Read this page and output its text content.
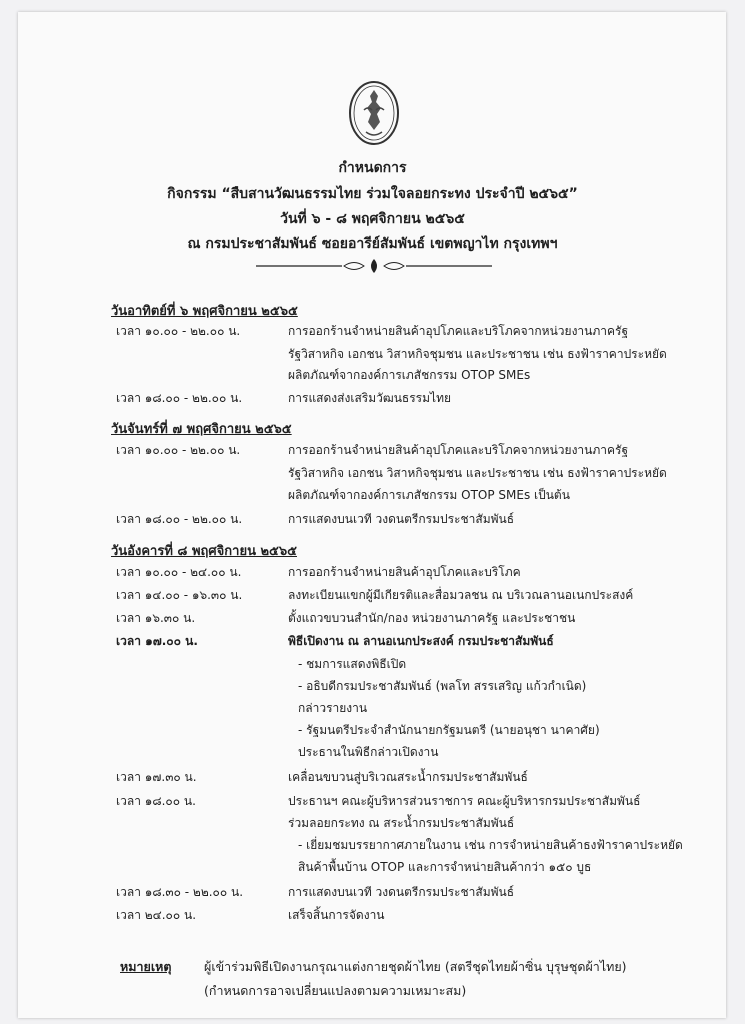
กำหนดการ
กิจกรรม “สืบสานวัฒนธรรมไทย ร่วมใจลอยกระทง ประจำปี ๒๕๖๕”
วันที่ ๖ - ๘ พฤศจิกายน ๒๕๖๕
ณ กรมประชาสัมพันธ์ ซอยอารีย์สัมพันธ์ เขตพญาไท กรุงเทพฯ
วันอาทิตย์ที่ ๖ พฤศจิกายน ๒๕๖๕
เวลา ๑๐.๐๐ - ๒๒.๐๐ น.	การออกร้านจำหน่ายสินค้าอุปโภคและบริโภคจากหน่วยงานภาครัฐ
รัฐวิสาหกิจ เอกชน วิสาหกิจชุมชน และประชาชน เช่น ธงฟ้าราคาประหยัด
ผลิตภัณฑ์จากองค์การเภสัชกรรม OTOP SMEs
เวลา ๑๘.๐๐ - ๒๒.๐๐ น.	การแสดงส่งเสริมวัฒนธรรมไทย
วันจันทร์ที่ ๗ พฤศจิกายน ๒๕๖๕
เวลา ๑๐.๐๐ - ๒๒.๐๐ น.	การออกร้านจำหน่ายสินค้าอุปโภคและบริโภคจากหน่วยงานภาครัฐ
รัฐวิสาหกิจ เอกชน วิสาหกิจชุมชน และประชาชน เช่น ธงฟ้าราคาประหยัด
ผลิตภัณฑ์จากองค์การเภสัชกรรม OTOP SMEs เป็นต้น
เวลา ๑๘.๐๐ - ๒๒.๐๐ น.	การแสดงบนเวที วงดนตรีกรมประชาสัมพันธ์
วันอังคารที่ ๘ พฤศจิกายน ๒๕๖๕
เวลา ๑๐.๐๐ - ๒๔.๐๐ น.	การออกร้านจำหน่ายสินค้าอุปโภคและบริโภค
เวลา ๑๔.๐๐ - ๑๖.๓๐ น.	ลงทะเบียนแขกผู้มีเกียรติและสื่อมวลชน ณ บริเวณลานอเนกประสงค์
เวลา ๑๖.๓๐ น.	ตั้งแถวขบวนสำนัก/กอง หน่วยงานภาครัฐ และประชาชน
เวลา ๑๗.๐๐ น.	พิธีเปิดงาน ณ ลานอเนกประสงค์ กรมประชาสัมพันธ์
- ชมการแสดงพิธีเปิด
- อธิบดีกรมประชาสัมพันธ์ (พลโท สรรเสริญ แก้วกำเนิด)
กล่าวรายงาน
- รัฐมนตรีประจำสำนักนายกรัฐมนตรี (นายอนุชา นาคาศัย)
ประธานในพิธีกล่าวเปิดงาน
เวลา ๑๗.๓๐ น.	เคลื่อนขบวนสู่บริเวณสระน้ำกรมประชาสัมพันธ์
เวลา ๑๘.๐๐ น.	ประธานฯ คณะผู้บริหารส่วนราชการ คณะผู้บริหารกรมประชาสัมพันธ์
ร่วมลอยกระทง ณ สระน้ำกรมประชาสัมพันธ์
- เยี่ยมชมบรรยากาศภายในงาน เช่น การจำหน่ายสินค้าธงฟ้าราคาประหยัด
สินค้าพื้นบ้าน OTOP และการจำหน่ายสินค้ากว่า ๑๕๐ บูธ
เวลา ๑๘.๓๐ - ๒๒.๐๐ น.	การแสดงบนเวที วงดนตรีกรมประชาสัมพันธ์
เวลา ๒๔.๐๐ น.	เสร็จสิ้นการจัดงาน
หมายเหตุ	ผู้เข้าร่วมพิธีเปิดงานกรุณาแต่งกายชุดผ้าไทย (สตรีชุดไทยผ้าซิ่น บุรุษชุดผ้าไทย)
(กำหนดการอาจเปลี่ยนแปลงตามความเหมาะสม)
